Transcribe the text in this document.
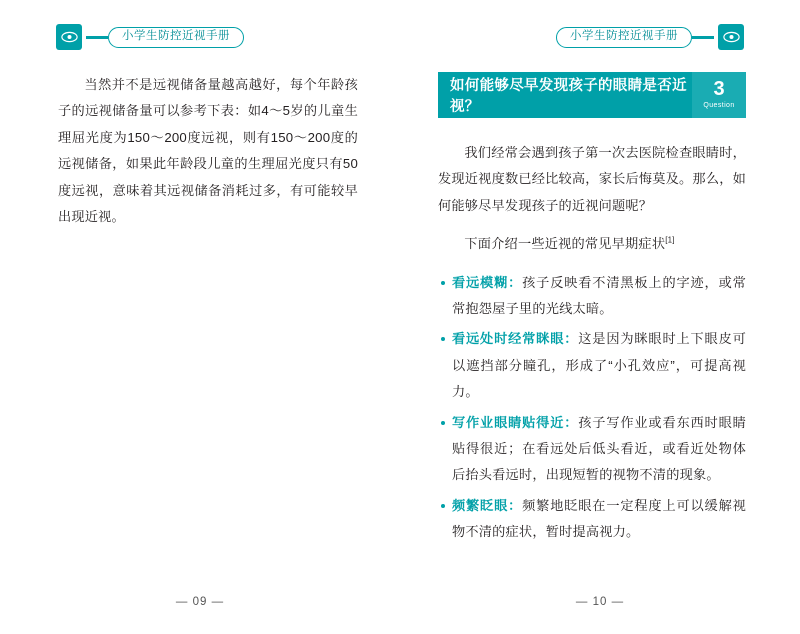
小学生防控近视手册	小学生防控近视手册

当然并不是远视储备量越高越好，每个年龄孩子的远视储备量可以参考下表：如4～5岁的儿童生理屈光度为150～200度远视，则有150～200度的远视储备，如果此年龄段儿童的生理屈光度只有50度远视，意味着其远视储备消耗过多，有可能较早出现近视。

如何能够尽早发现孩子的眼睛是否近视？
3
Question

我们经常会遇到孩子第一次去医院检查眼睛时，发现近视度数已经比较高，家长后悔莫及。那么，如何能够尽早发现孩子的近视问题呢？

下面介绍一些近视的常见早期症状[1]

看远模糊：孩子反映看不清黑板上的字迹，或常常抱怨屋子里的光线太暗。

看远处时经常眯眼：这是因为眯眼时上下眼皮可以遮挡部分瞳孔，形成了“小孔效应”，可提高视力。

写作业眼睛贴得近：孩子写作业或看东西时眼睛贴得很近；在看远处后低头看近，或看近处物体后抬头看远时，出现短暂的视物不清的现象。

频繁眨眼：频繁地眨眼在一定程度上可以缓解视物不清的症状，暂时提高视力。

— 09 —	— 10 —
